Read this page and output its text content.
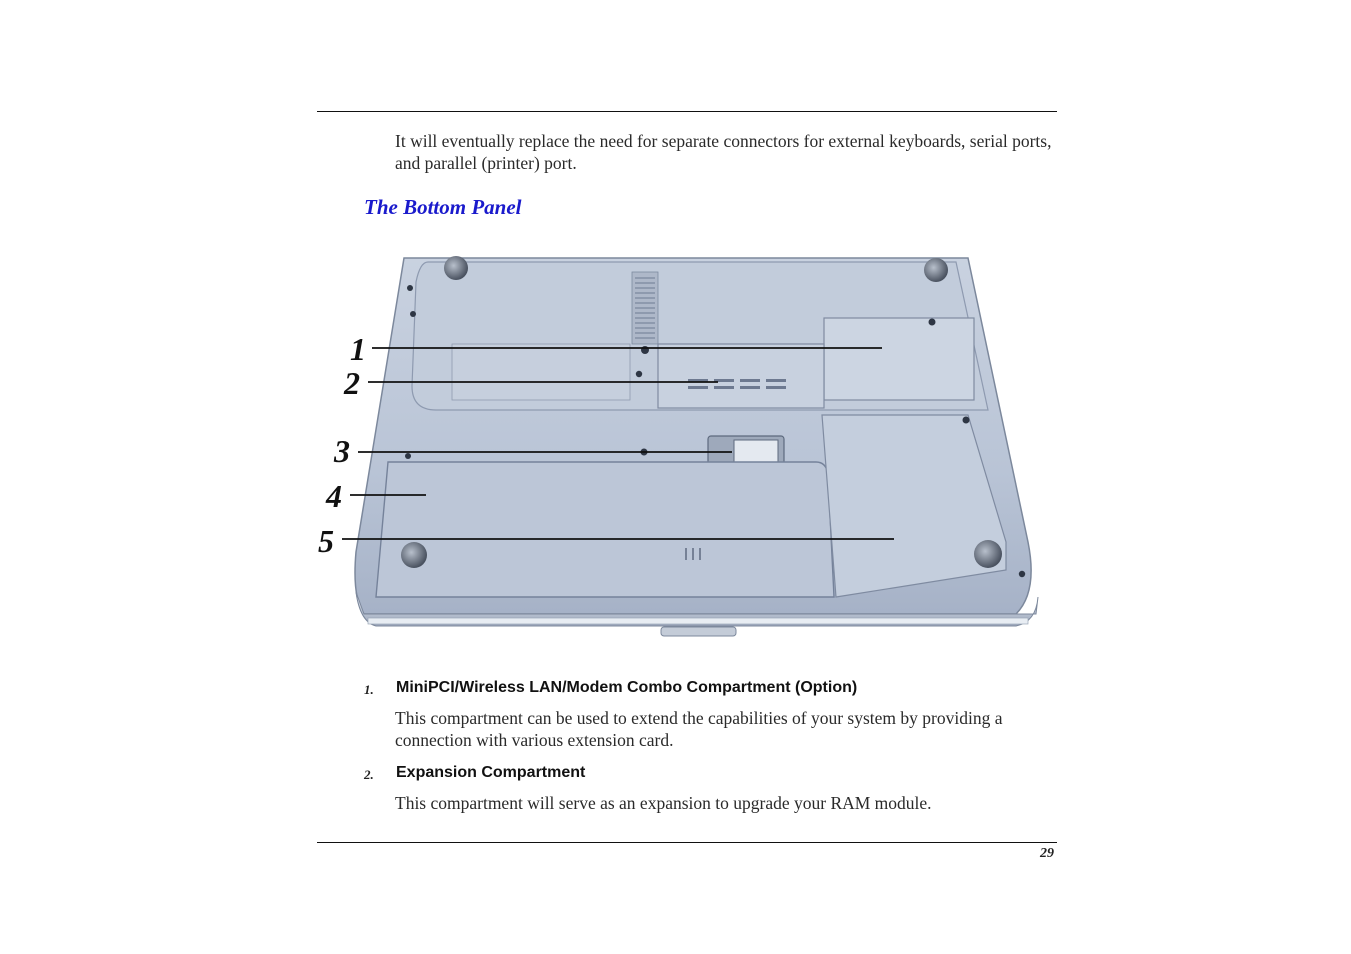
It will eventually replace the need for separate connectors for external keyboards, serial ports, and parallel (printer) port.
The Bottom Panel
1
2
3
4
5
1. MiniPCI/Wireless LAN/Modem Combo Compartment (Option)
This compartment can be used to extend the capabilities of your system by providing a connection with various extension card.
2. Expansion Compartment
This compartment will serve as an expansion to upgrade your RAM module.
29
